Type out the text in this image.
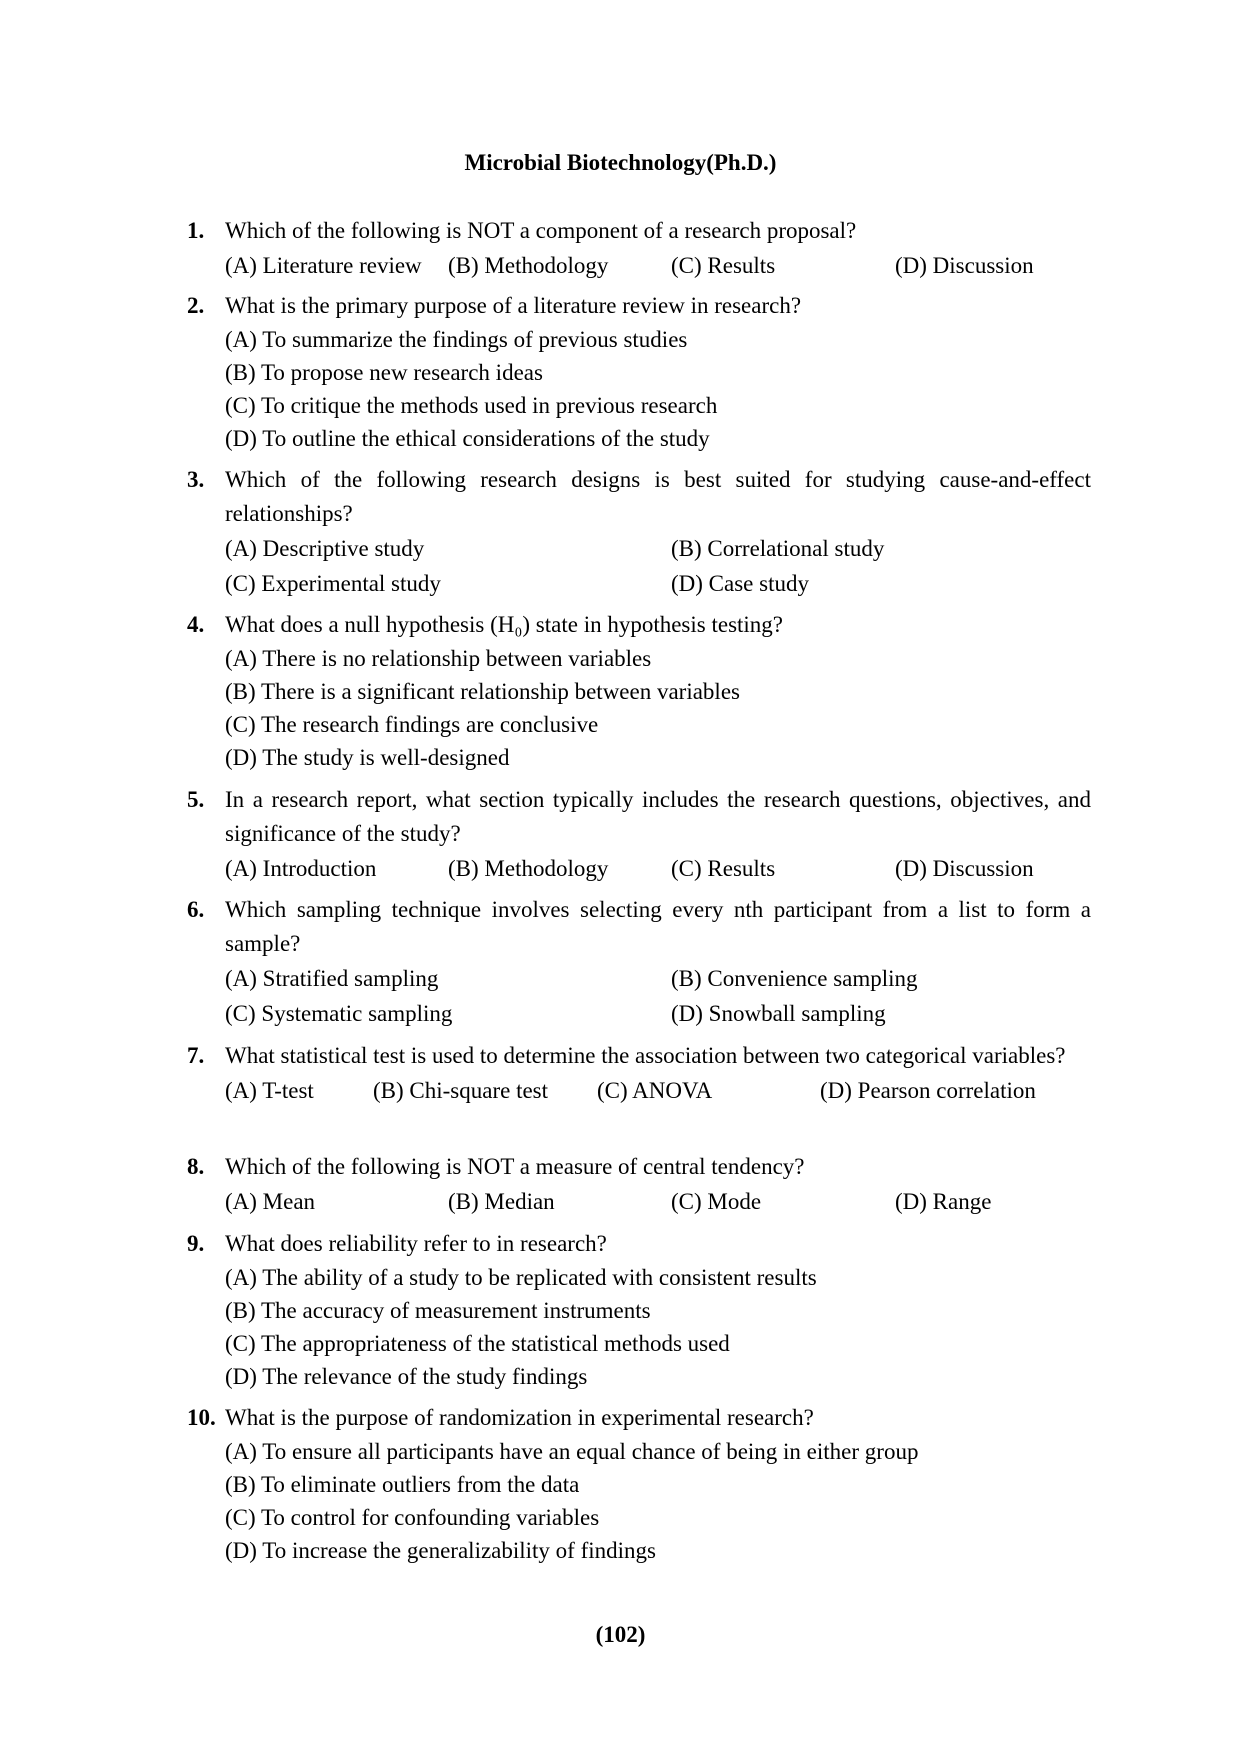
Microbial Biotechnology(Ph.D.)
1. Which of the following is NOT a component of a research proposal?
(A) Literature review (B) Methodology	(C) Results	(D) Discussion
2. What is the primary purpose of a literature review in research?
(A) To summarize the findings of previous studies
(B) To propose new research ideas
(C) To critique the methods used in previous research
(D) To outline the ethical considerations of the study
3. Which of the following research designs is best suited for studying cause-and-effect relationships?
(A) Descriptive study	(B) Correlational study
(C) Experimental study	(D) Case study
4. What does a null hypothesis (H₀) state in hypothesis testing?
(A) There is no relationship between variables
(B) There is a significant relationship between variables
(C) The research findings are conclusive
(D) The study is well-designed
5. In a research report, what section typically includes the research questions, objectives, and significance of the study?
(A) Introduction	(B) Methodology	(C) Results	(D) Discussion
6. Which sampling technique involves selecting every nth participant from a list to form a sample?
(A) Stratified sampling	(B) Convenience sampling
(C) Systematic sampling	(D) Snowball sampling
7. What statistical test is used to determine the association between two categorical variables?
(A) T-test	(B) Chi-square test (C) ANOVA	(D) Pearson correlation
8. Which of the following is NOT a measure of central tendency?
(A) Mean	(B) Median	(C) Mode	(D) Range
9. What does reliability refer to in research?
(A) The ability of a study to be replicated with consistent results
(B) The accuracy of measurement instruments
(C) The appropriateness of the statistical methods used
(D) The relevance of the study findings
10. What is the purpose of randomization in experimental research?
(A) To ensure all participants have an equal chance of being in either group
(B) To eliminate outliers from the data
(C) To control for confounding variables
(D) To increase the generalizability of findings
(102)
